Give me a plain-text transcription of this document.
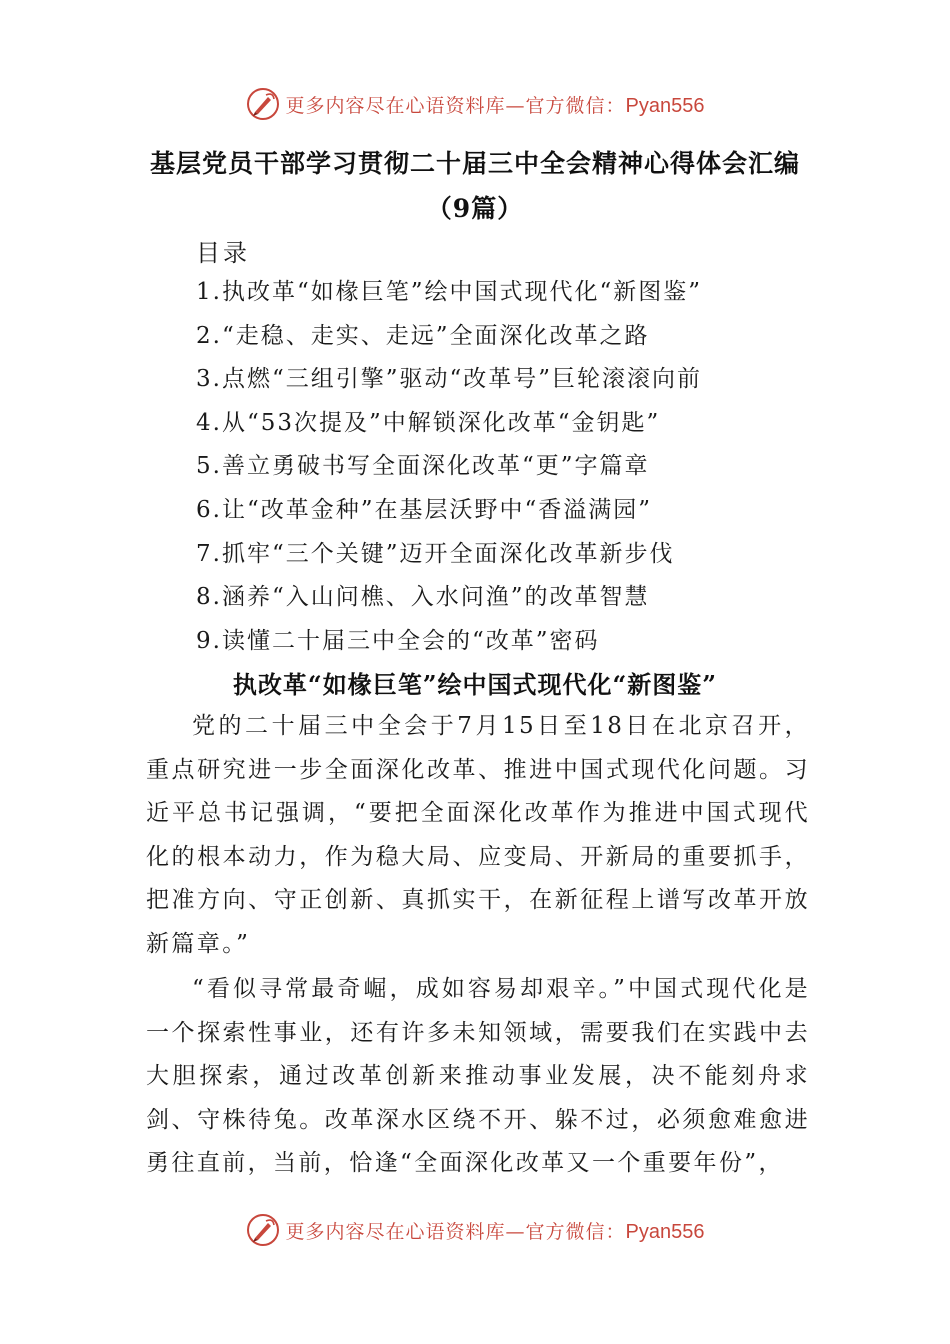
更多内容尽在心语资料库—官方微信：Pyan556
基层党员干部学习贯彻二十届三中全会精神心得体会汇编
（9篇）
目录
1.执改革“如椽巨笔”绘中国式现代化“新图鉴”
2.“走稳、走实、走远”全面深化改革之路
3.点燃“三组引擎”驱动“改革号”巨轮滚滚向前
4.从“53次提及”中解锁深化改革“金钥匙”
5.善立勇破书写全面深化改革“更”字篇章
6.让“改革金种”在基层沃野中“香溢满园”
7.抓牢“三个关键”迈开全面深化改革新步伐
8.涵养“入山问樵、入水问渔”的改革智慧
9.读懂二十届三中全会的“改革”密码
执改革“如椽巨笔”绘中国式现代化“新图鉴”

党的二十届三中全会于7月15日至18日在北京召开，重点研究进一步全面深化改革、推进中国式现代化问题。习近平总书记强调，“要把全面深化改革作为推进中国式现代化的根本动力，作为稳大局、应变局、开新局的重要抓手，把准方向、守正创新、真抓实干，在新征程上谱写改革开放新篇章。”

“看似寻常最奇崛，成如容易却艰辛。”中国式现代化是一个探索性事业，还有许多未知领域，需要我们在实践中去大胆探索，通过改革创新来推动事业发展，决不能刻舟求剑、守株待兔。改革深水区绕不开、躲不过，必须愈难愈进勇往直前，当前，恰逢“全面深化改革又一个重要年份”，

更多内容尽在心语资料库—官方微信：Pyan556
